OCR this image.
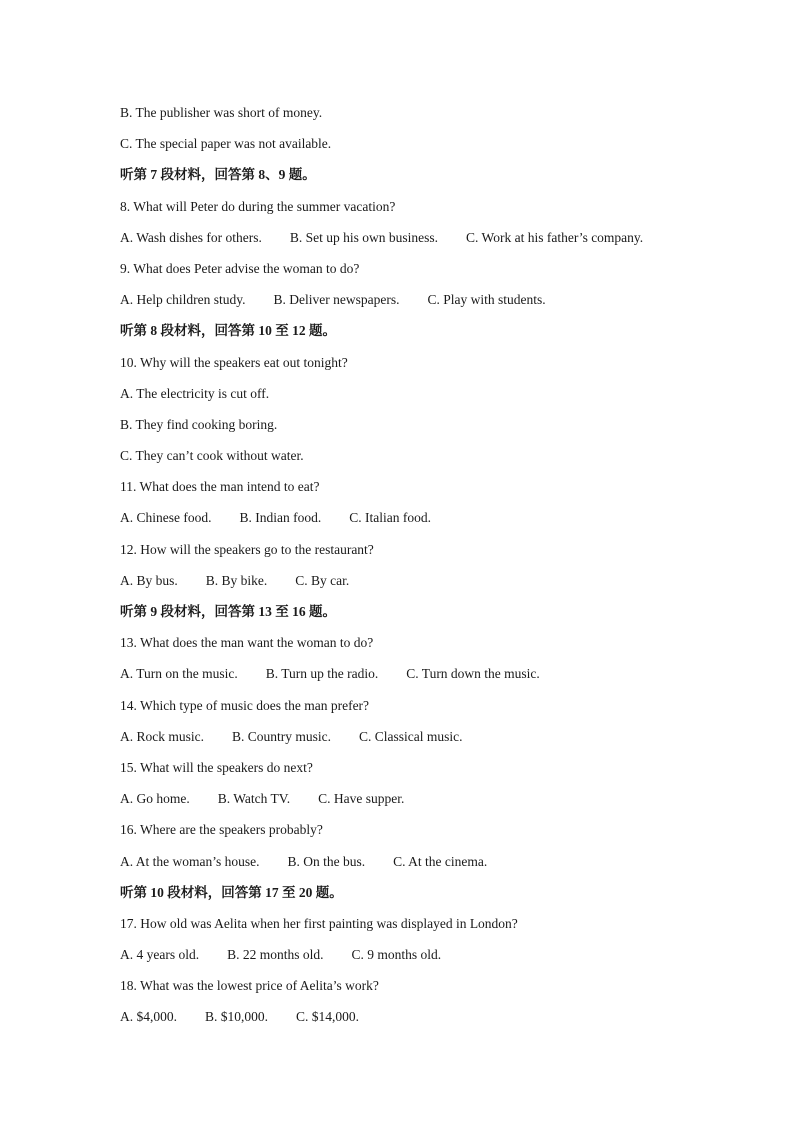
B. The publisher was short of money.
C. The special paper was not available.
听第 7 段材料，回答第 8、9 题。
8. What will Peter do during the summer vacation?
A. Wash dishes for others. B. Set up his own business. C. Work at his father’s company.
9. What does Peter advise the woman to do?
A. Help children study. B. Deliver newspapers. C. Play with students.
听第 8 段材料，回答第 10 至 12 题。
10. Why will the speakers eat out tonight?
A. The electricity is cut off.
B. They find cooking boring.
C. They can’t cook without water.
11. What does the man intend to eat?
A. Chinese food. B. Indian food. C. Italian food.
12. How will the speakers go to the restaurant?
A. By bus. B. By bike. C. By car.
听第 9 段材料，回答第 13 至 16 题。
13. What does the man want the woman to do?
A. Turn on the music. B. Turn up the radio. C. Turn down the music.
14. Which type of music does the man prefer?
A. Rock music. B. Country music. C. Classical music.
15. What will the speakers do next?
A. Go home. B. Watch TV. C. Have supper.
16. Where are the speakers probably?
A. At the woman’s house. B. On the bus. C. At the cinema.
听第 10 段材料，回答第 17 至 20 题。
17. How old was Aelita when her first painting was displayed in London?
A. 4 years old. B. 22 months old. C. 9 months old.
18. What was the lowest price of Aelita’s work?
A. $4,000. B. $10,000. C. $14,000.
